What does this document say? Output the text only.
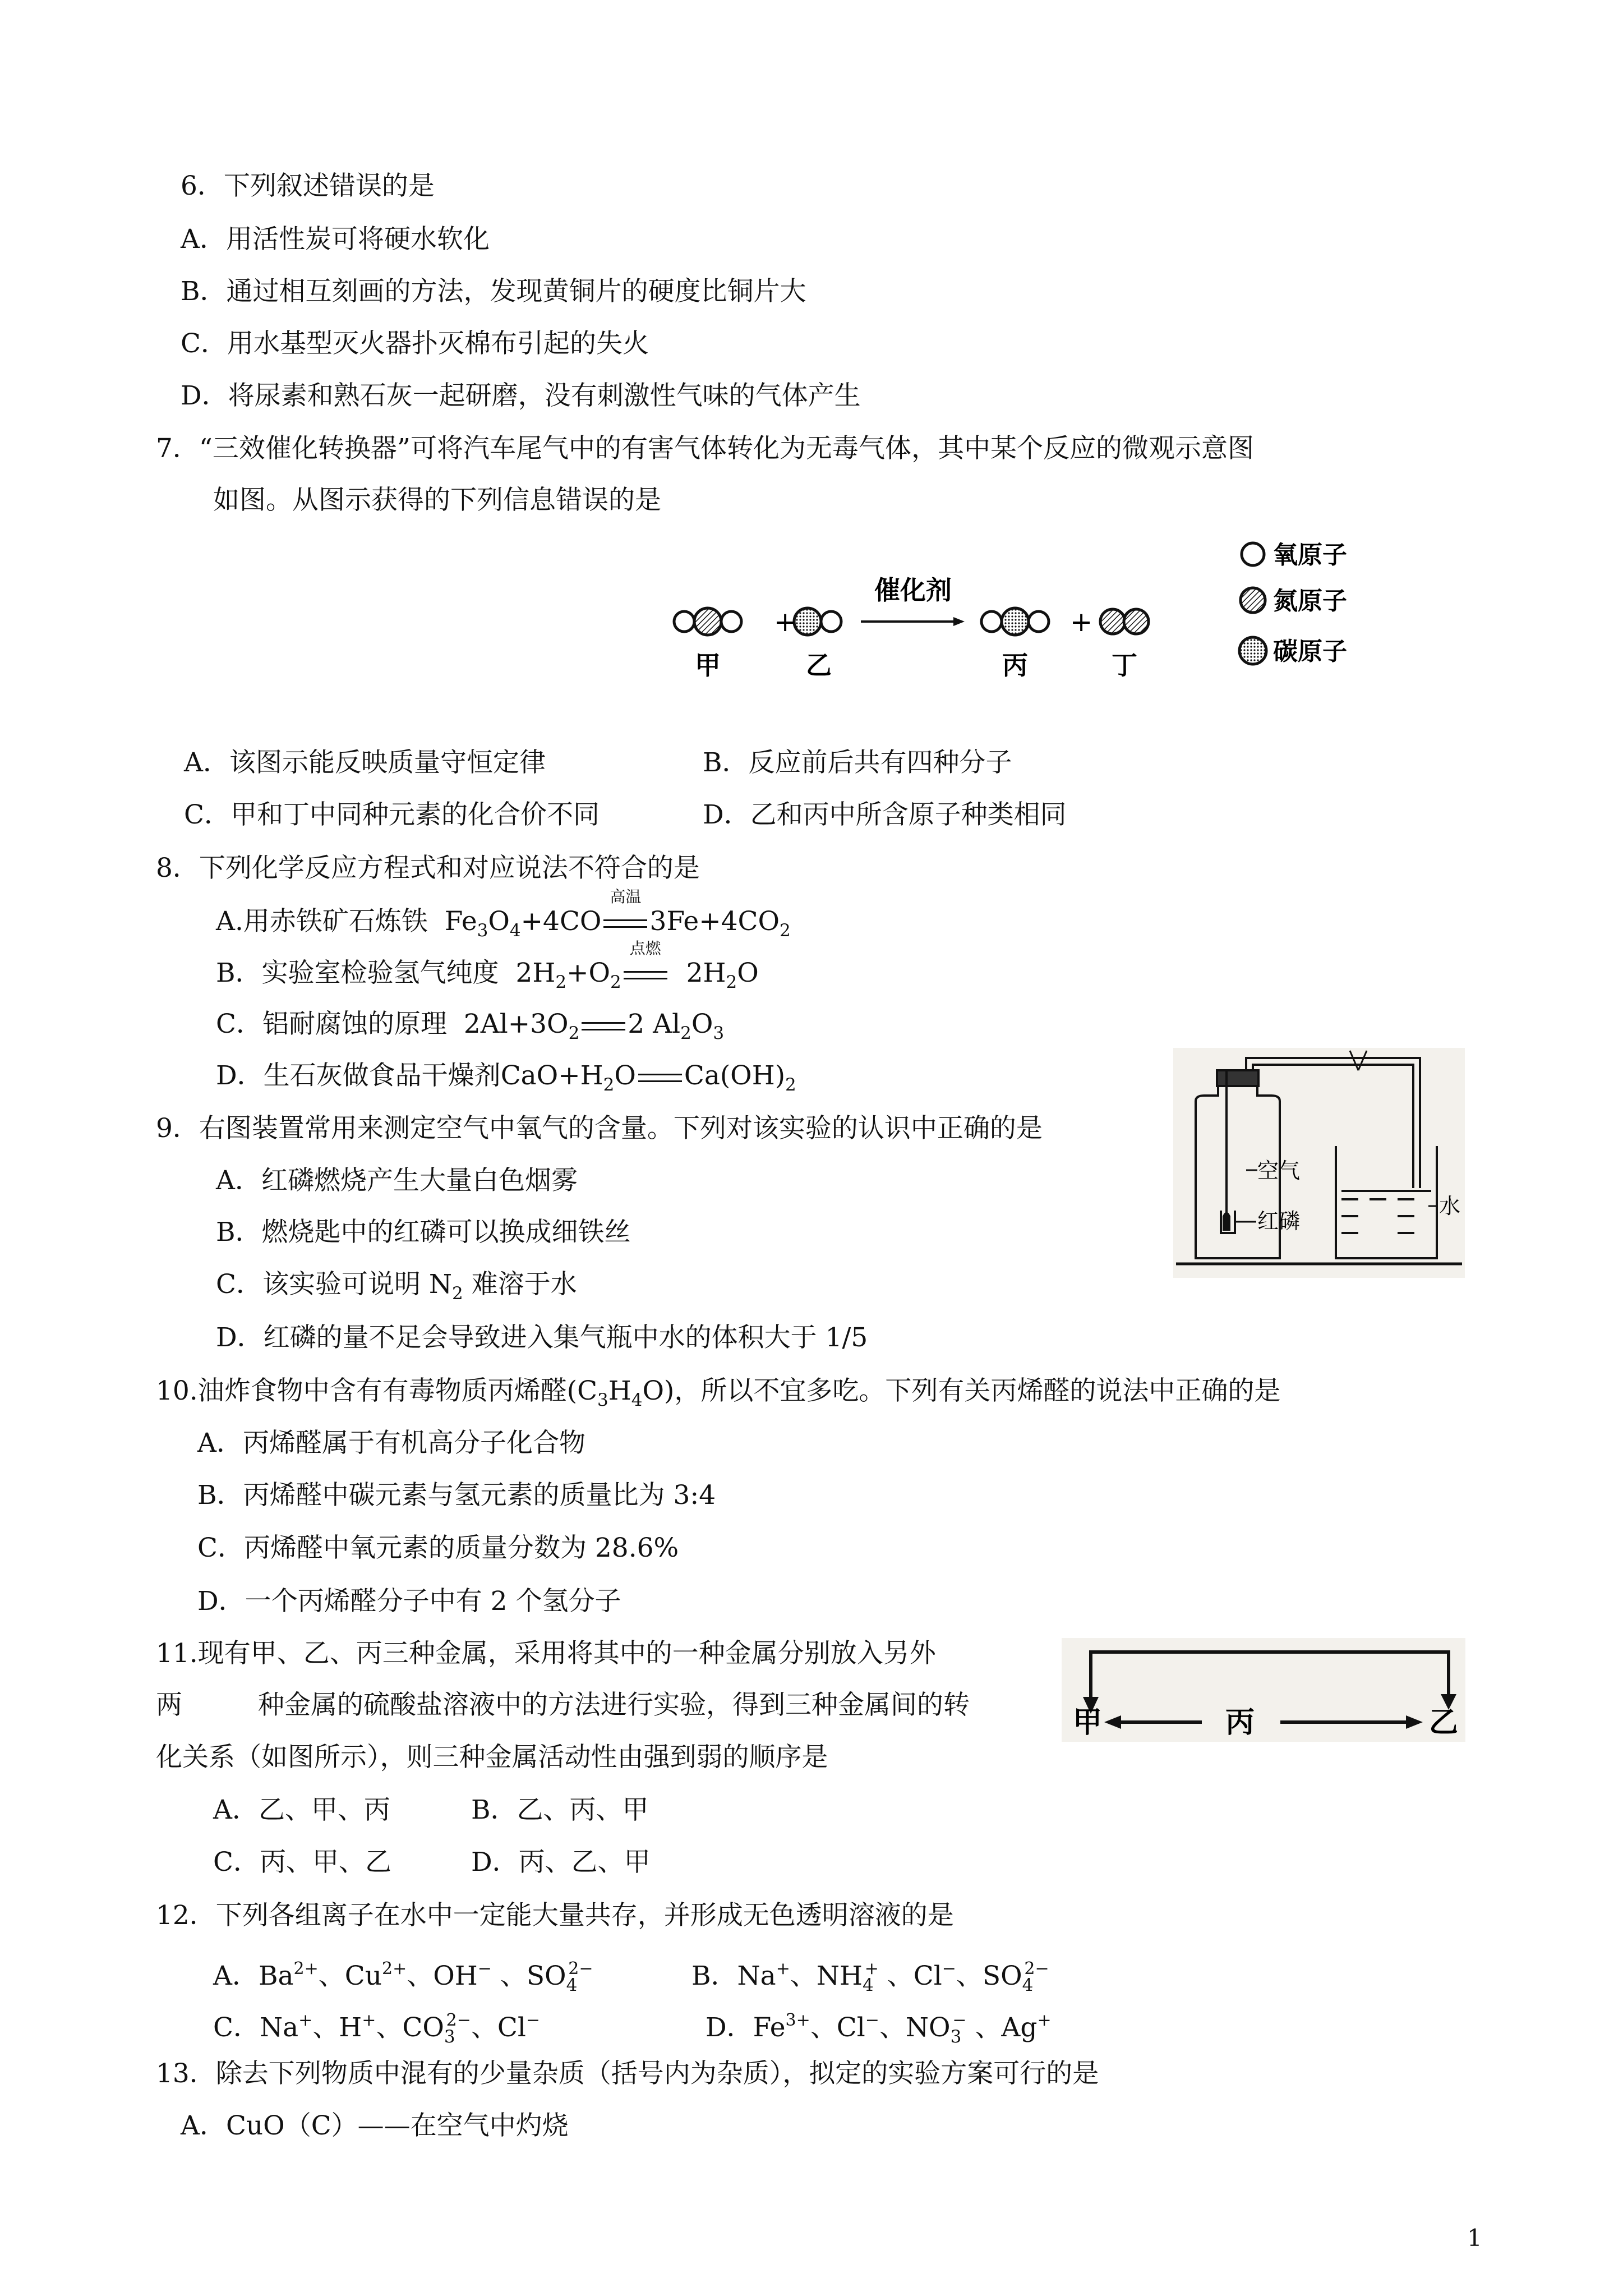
6．下列叙述错误的是
A．用活性炭可将硬水软化
B．通过相互刻画的方法，发现黄铜片的硬度比铜片大
C．用水基型灭火器扑灭棉布引起的失火
D．将尿素和熟石灰一起研磨，没有刺激性气味的气体产生
7．“三效催化转换器”可将汽车尾气中的有害气体转化为无毒气体，其中某个反应的微观示意图
如图。从图示获得的下列信息错误的是
+	+
催化剂
甲	乙	丙	丁
氧原子
氮原子
碳原子
A．该图示能反映质量守恒定律	B．反应前后共有四种分子
C．甲和丁中同种元素的化合价不同	D．乙和丙中所含原子种类相同
8．下列化学反应方程式和对应说法不符合的是
A.用赤铁矿石炼铁 $Fe_3O_4+4CO$
高温
$3Fe+4CO_2$
B．实验室检验氢气纯度 $2H_2+O_2$
点燃
$2H_2O$
C．铝耐腐蚀的原理 $2Al+3O_2$ 2 $Al_2O_3$
D．生石灰做食品干燥剂$CaO+H_2O$ $Ca(OH)_2$
空气
红磷
水
9．右图装置常用来测定空气中氧气的含量。下列对该实验的认识中正确的是
A．红磷燃烧产生大量白色烟雾
B．燃烧匙中的红磷可以换成细铁丝
C．该实验可说明 $N_2$ 难溶于水
D．红磷的量不足会导致进入集气瓶中水的体积大于 1/5
10.油炸食物中含有有毒物质丙烯醛$(C_3H_4O)$，所以不宜多吃。下列有关丙烯醛的说法中正确的是
A．丙烯醛属于有机高分子化合物
B．丙烯醛中碳元素与氢元素的质量比为 3:4
C．丙烯醛中氧元素的质量分数为 28.6%
D．一个丙烯醛分子中有 2 个氢分子
11.现有甲、乙、丙三种金属，采用将其中的一种金属分别放入另外
两	种金属的硫酸盐溶液中的方法进行实验，得到三种金属间的转
化关系（如图所示），则三种金属活动性由强到弱的顺序是
甲	丙	乙
A．乙、甲、丙	B．乙、丙、甲
C．丙、甲、乙	D．丙、乙、甲
12．下列各组离子在水中一定能大量共存，并形成无色透明溶液的是
A．$Ba^{2+}$、$Cu^{2+}$、OH− 、$SO_4^{2-}$	B．Na+、$NH_4^+$ 、Cl−、$SO_4^{2-}$
C．Na+、H+、$CO_3^{2-}$、Cl−	D．$Fe^{3+}$、Cl−、$NO_3^-$ 、Ag+
13．除去下列物质中混有的少量杂质（括号内为杂质），拟定的实验方案可行的是
A．CuO（C）——在空气中灼烧
1
